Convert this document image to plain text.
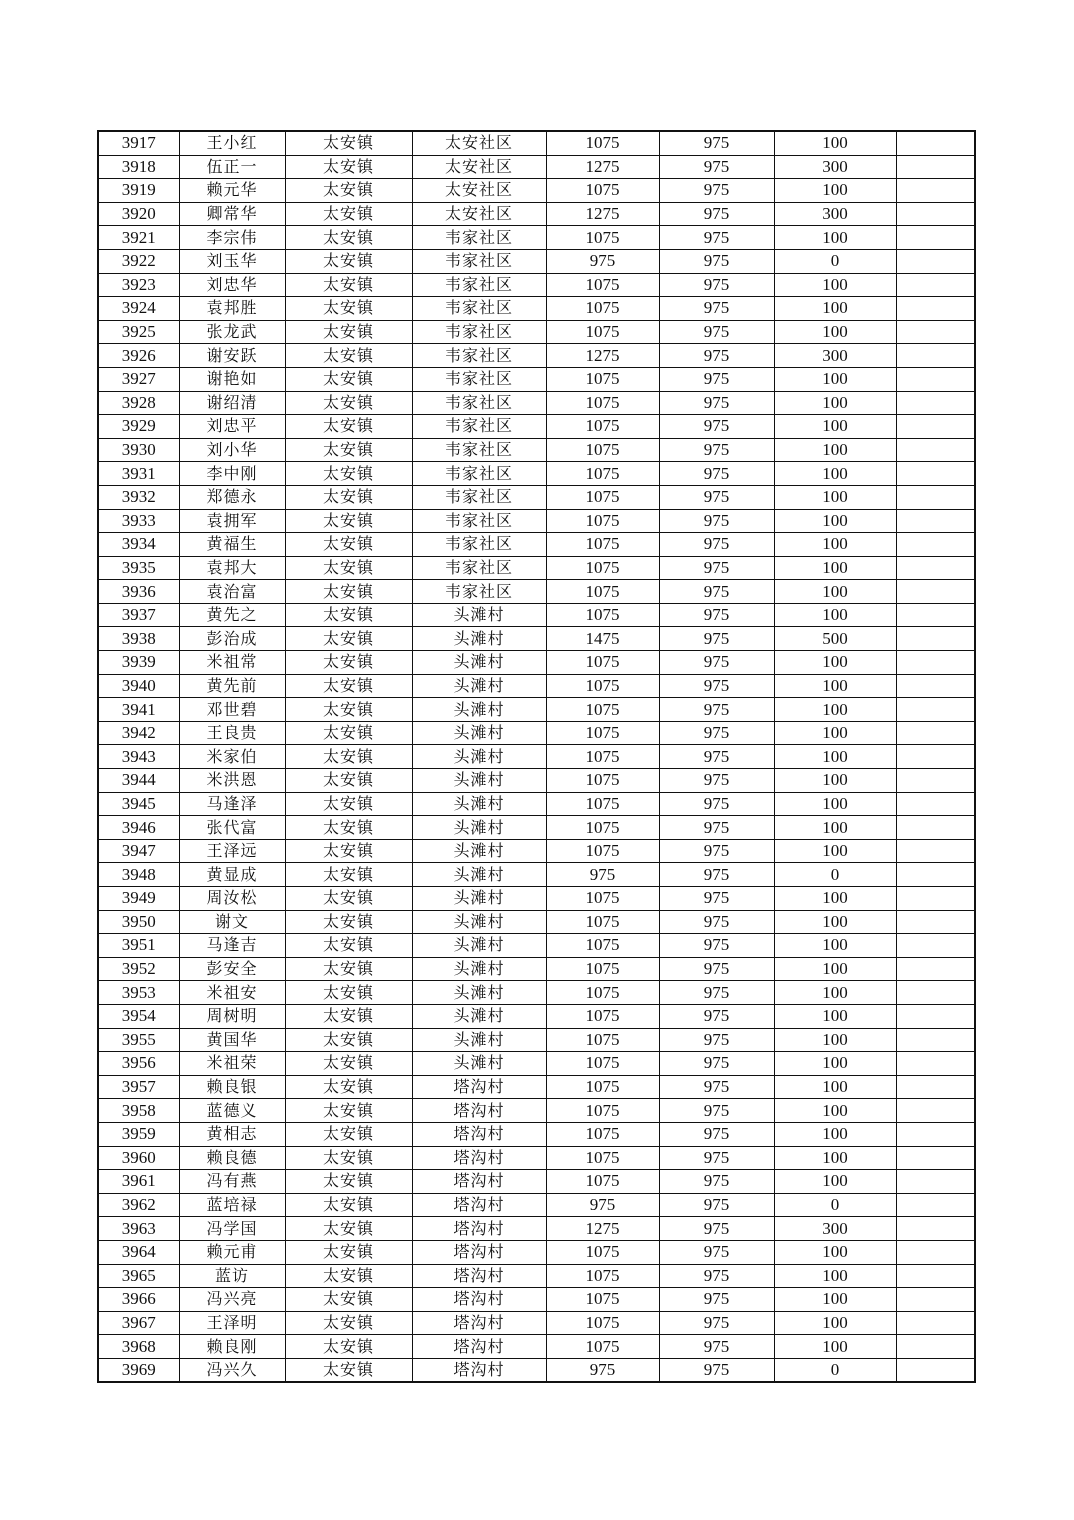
3917	王小红	太安镇	太安社区	1075	975	100	
3918	伍正一	太安镇	太安社区	1275	975	300	
3919	赖元华	太安镇	太安社区	1075	975	100	
3920	卿常华	太安镇	太安社区	1275	975	300	
3921	李宗伟	太安镇	韦家社区	1075	975	100	
3922	刘玉华	太安镇	韦家社区	975	975	0	
3923	刘忠华	太安镇	韦家社区	1075	975	100	
3924	袁邦胜	太安镇	韦家社区	1075	975	100	
3925	张龙武	太安镇	韦家社区	1075	975	100	
3926	谢安跃	太安镇	韦家社区	1275	975	300	
3927	谢艳如	太安镇	韦家社区	1075	975	100	
3928	谢绍清	太安镇	韦家社区	1075	975	100	
3929	刘忠平	太安镇	韦家社区	1075	975	100	
3930	刘小华	太安镇	韦家社区	1075	975	100	
3931	李中刚	太安镇	韦家社区	1075	975	100	
3932	郑德永	太安镇	韦家社区	1075	975	100	
3933	袁拥军	太安镇	韦家社区	1075	975	100	
3934	黄福生	太安镇	韦家社区	1075	975	100	
3935	袁邦大	太安镇	韦家社区	1075	975	100	
3936	袁治富	太安镇	韦家社区	1075	975	100	
3937	黄先之	太安镇	头滩村	1075	975	100	
3938	彭治成	太安镇	头滩村	1475	975	500	
3939	米祖常	太安镇	头滩村	1075	975	100	
3940	黄先前	太安镇	头滩村	1075	975	100	
3941	邓世碧	太安镇	头滩村	1075	975	100	
3942	王良贵	太安镇	头滩村	1075	975	100	
3943	米家伯	太安镇	头滩村	1075	975	100	
3944	米洪恩	太安镇	头滩村	1075	975	100	
3945	马逢泽	太安镇	头滩村	1075	975	100	
3946	张代富	太安镇	头滩村	1075	975	100	
3947	王泽远	太安镇	头滩村	1075	975	100	
3948	黄显成	太安镇	头滩村	975	975	0	
3949	周汝松	太安镇	头滩村	1075	975	100	
3950	谢文	太安镇	头滩村	1075	975	100	
3951	马逢吉	太安镇	头滩村	1075	975	100	
3952	彭安全	太安镇	头滩村	1075	975	100	
3953	米祖安	太安镇	头滩村	1075	975	100	
3954	周树明	太安镇	头滩村	1075	975	100	
3955	黄国华	太安镇	头滩村	1075	975	100	
3956	米祖荣	太安镇	头滩村	1075	975	100	
3957	赖良银	太安镇	塔沟村	1075	975	100	
3958	蓝德义	太安镇	塔沟村	1075	975	100	
3959	黄相志	太安镇	塔沟村	1075	975	100	
3960	赖良德	太安镇	塔沟村	1075	975	100	
3961	冯有燕	太安镇	塔沟村	1075	975	100	
3962	蓝培禄	太安镇	塔沟村	975	975	0	
3963	冯学国	太安镇	塔沟村	1275	975	300	
3964	赖元甫	太安镇	塔沟村	1075	975	100	
3965	蓝访	太安镇	塔沟村	1075	975	100	
3966	冯兴亮	太安镇	塔沟村	1075	975	100	
3967	王泽明	太安镇	塔沟村	1075	975	100	
3968	赖良刚	太安镇	塔沟村	1075	975	100	
3969	冯兴久	太安镇	塔沟村	975	975	0	
